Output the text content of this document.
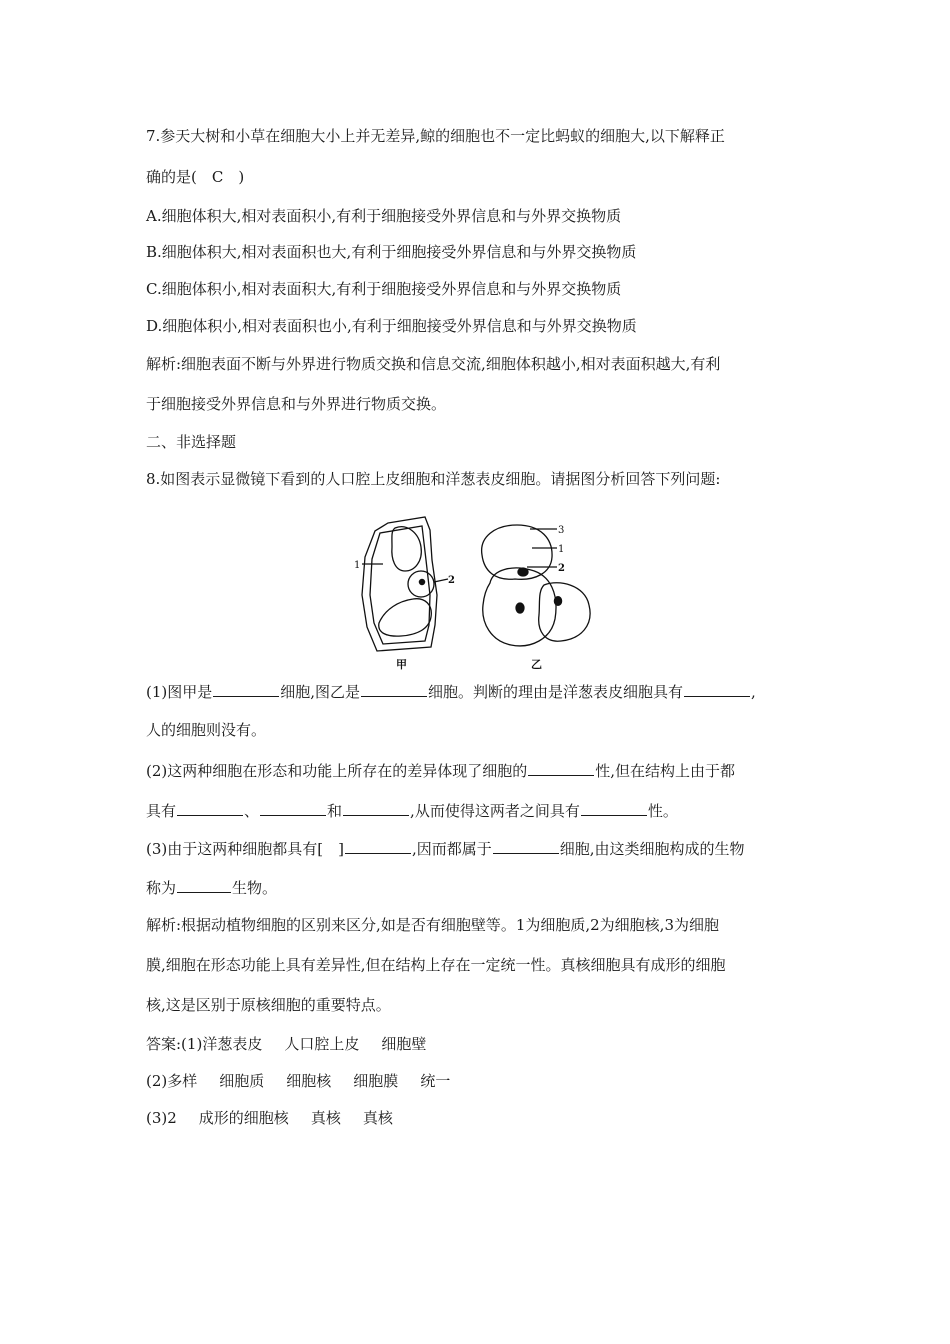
7.参天大树和小草在细胞大小上并无差异,鲸的细胞也不一定比蚂蚁的细胞大,以下解释正
确的是(　C　)
A.细胞体积大,相对表面积小,有利于细胞接受外界信息和与外界交换物质
B.细胞体积大,相对表面积也大,有利于细胞接受外界信息和与外界交换物质
C.细胞体积小,相对表面积大,有利于细胞接受外界信息和与外界交换物质
D.细胞体积小,相对表面积也小,有利于细胞接受外界信息和与外界交换物质
解析:细胞表面不断与外界进行物质交换和信息交流,细胞体积越小,相对表面积越大,有利
于细胞接受外界信息和与外界进行物质交换。
二、非选择题
8.如图表示显微镜下看到的人口腔上皮细胞和洋葱表皮细胞。请据图分析回答下列问题:
1
2
3
1
2
甲	乙
(1)图甲是	细胞,图乙是	细胞。判断的理由是洋葱表皮细胞具有	,
人的细胞则没有。
(2)这两种细胞在形态和功能上所存在的差异体现了细胞的	性,但在结构上由于都
具有	、	和	,从而使得这两者之间具有	性。
(3)由于这两种细胞都具有[　]	,因而都属于	细胞,由这类细胞构成的生物
称为	生物。
解析:根据动植物细胞的区别来区分,如是否有细胞壁等。1为细胞质,2为细胞核,3为细胞
膜,细胞在形态功能上具有差异性,但在结构上存在一定统一性。真核细胞具有成形的细胞
核,这是区别于原核细胞的重要特点。
答案:(1)洋葱表皮 人口腔上皮 细胞壁
(2)多样 细胞质 细胞核 细胞膜 统一
(3)2 成形的细胞核 真核 真核
